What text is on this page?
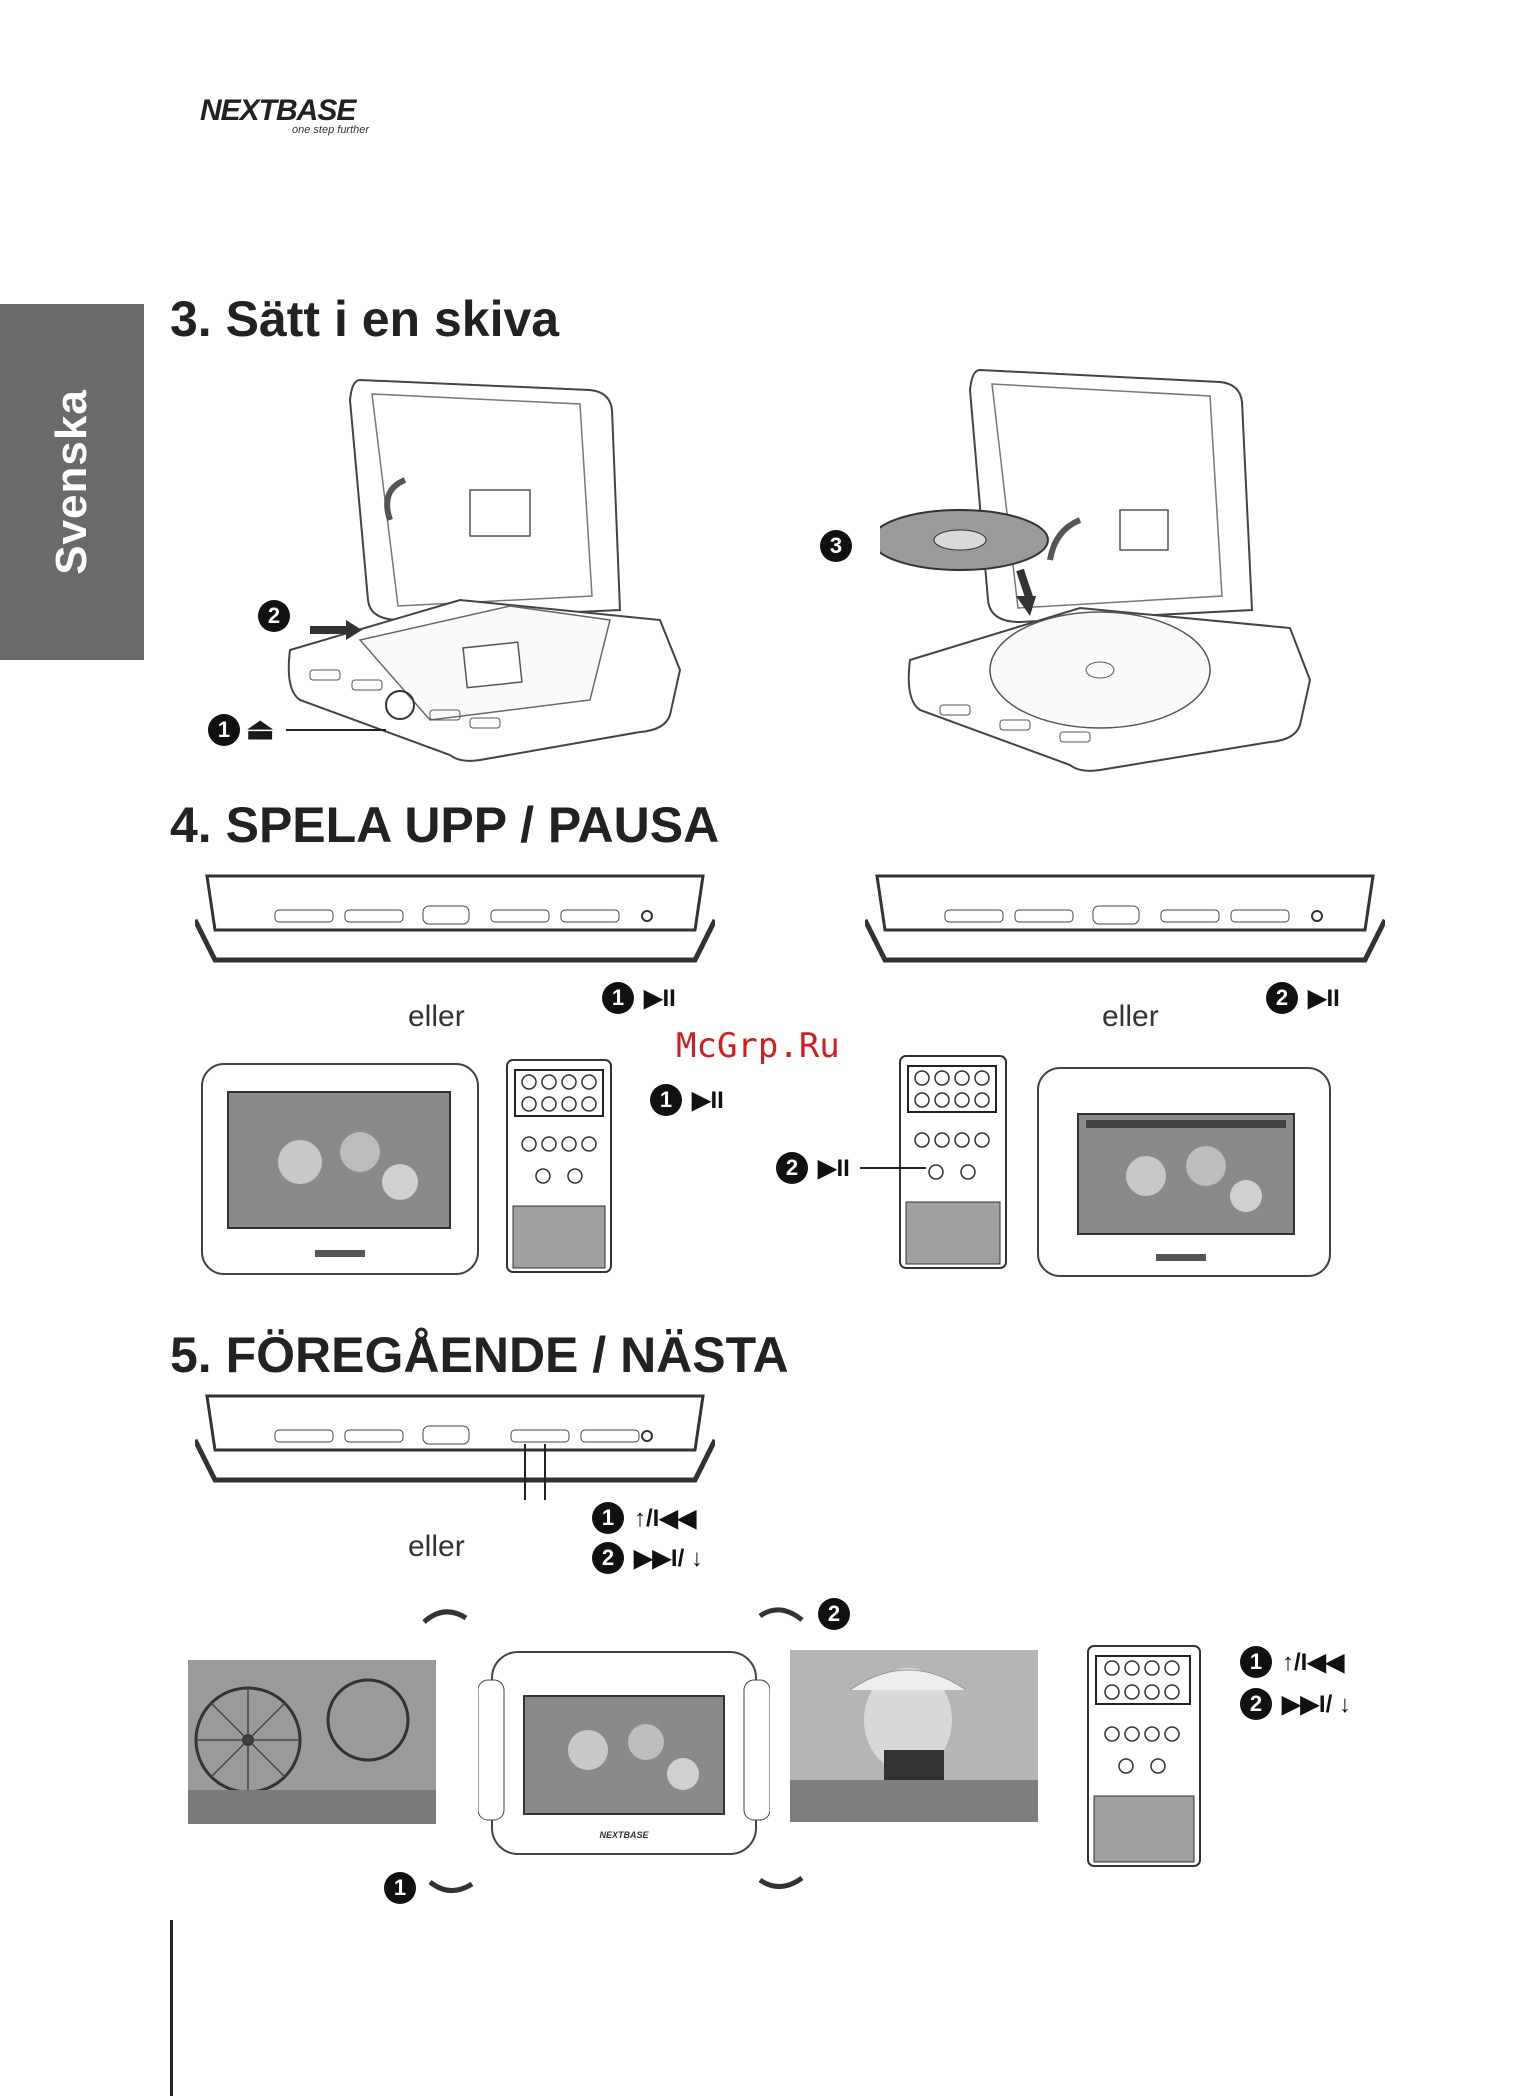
NEXTBASE
one step further
Svenska
3. Sätt i en skiva
2
1 ⏏
3
4. SPELA UPP / PAUSA
1 ▶II	2 ▶II
eller	eller
McGrp.Ru
1 ▶II
2 ▶II
5. FÖREGÅENDE / NÄSTA
1 ↑/I◀◀
2 ▶▶I/ ↓
eller
NEXTBASE
2
1
1 ↑/I◀◀
2 ▶▶I/ ↓
